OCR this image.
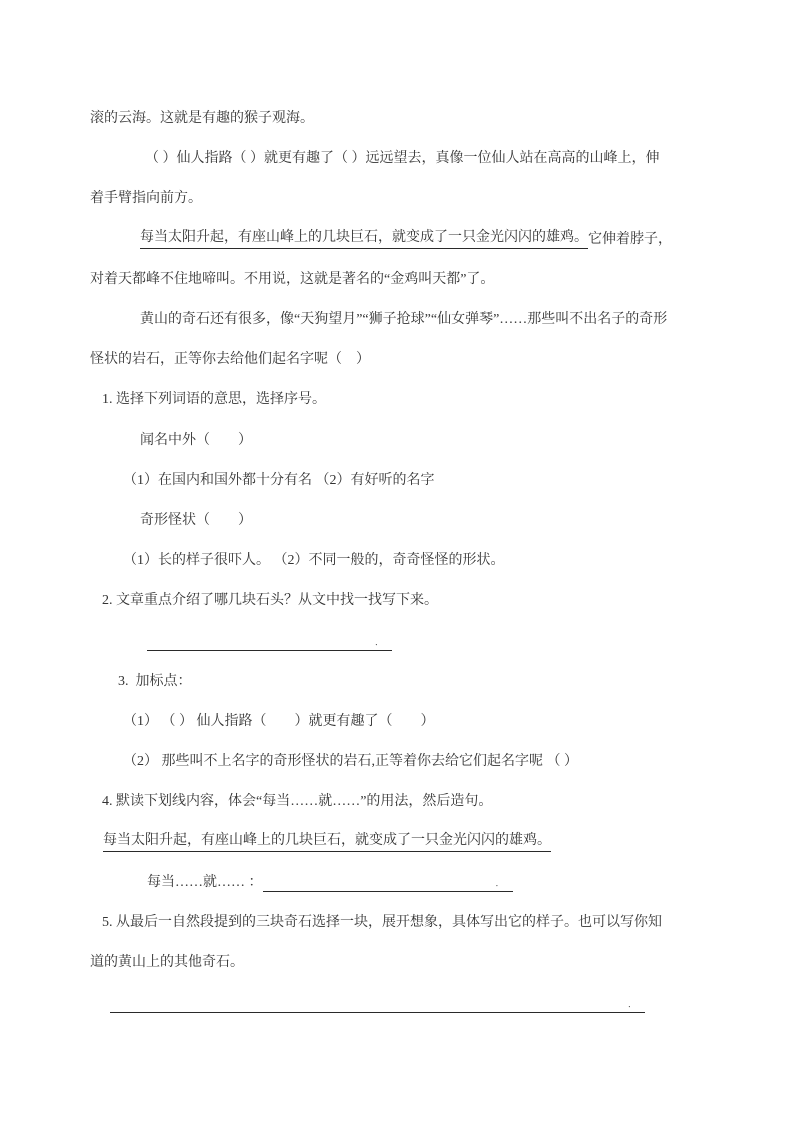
滚的云海。这就是有趣的猴子观海。
（ ）仙人指路（ ）就更有趣了（ ）远远望去，真像一位仙人站在高高的山峰上，伸
着手臂指向前方。
每当太阳升起，有座山峰上的几块巨石，就变成了一只金光闪闪的雄鸡。 它伸着脖子，
对着天都峰不住地啼叫。不用说，这就是著名的“金鸡叫天都”了。
黄山的奇石还有很多，像“天狗望月”“狮子抢球”“仙女弹琴”……那些叫不出名子的奇形
怪状的岩石，正等你去给他们起名字呢（　）
1. 选择下列词语的意思，选择序号。
闻名中外（　　）
（1）在国内和国外都十分有名 （2）有好听的名字
奇形怪状（　　）
（1）长的样子很吓人。 （2）不同一般的，奇奇怪怪的形状。
2. 文章重点介绍了哪几块石头？从文中找一找写下来。
．
3.  加标点：
（1） （ ） 仙人指路（　　）就更有趣了（　　）
（2） 那些叫不上名字的奇形怪状的岩石,正等着你去给它们起名字呢 （ ）
4. 默读下划线内容，体会“每当……就……”的用法，然后造句。
每当太阳升起，有座山峰上的几块巨石，就变成了一只金光闪闪的雄鸡。
每当……就…… ：	．
5. 从最后一自然段提到的三块奇石选择一块，展开想象，具体写出它的样子。也可以写你知
道的黄山上的其他奇石。
．
